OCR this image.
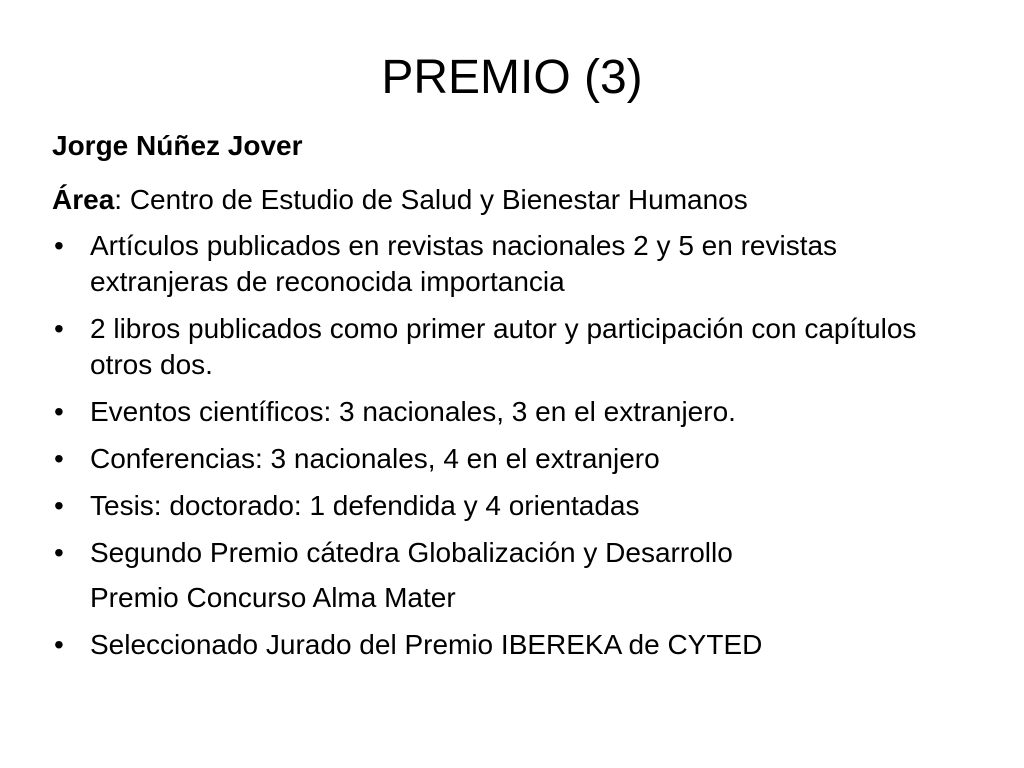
PREMIO (3)

Jorge Núñez Jover

Área: Centro de Estudio de Salud y Bienestar Humanos

• Artículos publicados en revistas nacionales 2 y 5 en revistas extranjeras de reconocida importancia
• 2 libros publicados como primer autor y participación con capítulos otros dos.
• Eventos científicos: 3 nacionales, 3 en el extranjero.
• Conferencias: 3 nacionales, 4 en el extranjero
• Tesis: doctorado: 1 defendida y 4 orientadas
• Segundo Premio cátedra Globalización y Desarrollo
Premio Concurso Alma Mater
• Seleccionado Jurado del Premio IBEREKA de CYTED
